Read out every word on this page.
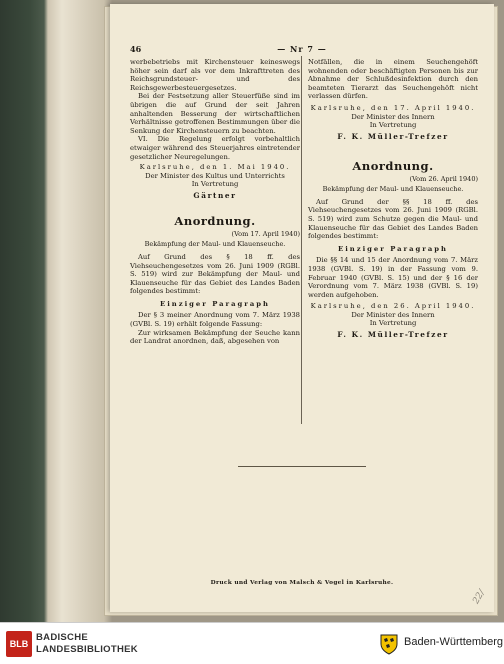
46	— Nr 7 —

werbebetriebs mit Kirchensteuer keineswegs höher sein darf als vor dem Inkrafttreten des Reichsgrundsteuer- und des Reichsgewerbesteuergesetzes.

Bei der Festsetzung aller Steuerfüße sind im übrigen die auf Grund der seit Jahren anhaltenden Besserung der wirtschaftlichen Verhältnisse getroffenen Bestimmungen über die Senkung der Kirchensteuern zu beachten.

VI. Die Regelung erfolgt vorbehaltlich etwaiger während des Steuerjahres eintretender gesetzlicher Neuregelungen.

Karlsruhe, den 1. Mai 1940.

Der Minister des Kultus und Unterrichts

In Vertretung

Gärtner
Anordnung.
(Vom 17. April 1940)
Bekämpfung der Maul- und Klauenseuche.

Auf Grund des § 18 ff. des Viehseuchengesetzes vom 26. Juni 1909 (RGBl. S. 519) wird zur Bekämpfung der Maul- und Klauenseuche für das Gebiet des Landes Baden folgendes bestimmt:

Einziger Paragraph

Der § 3 meiner Anordnung vom 7. März 1938 (GVBl. S. 19) erhält folgende Fassung:

Zur wirksamen Bekämpfung der Seuche kann der Landrat anordnen, daß, abgesehen von

Notfällen, die in einem Seuchengehöft wohnenden oder beschäftigten Personen bis zur Abnahme der Schlußdesinfektion durch den beamteten Tierarzt das Seuchengehöft nicht verlassen dürfen.

Karlsruhe, den 17. April 1940.

Der Minister des Innern

In Vertretung

F. K. Müller-Trefzer
Anordnung.
(Vom 26. April 1940)
Bekämpfung der Maul- und Klauenseuche.

Auf Grund der §§ 18 ff. des Viehseuchengesetzes vom 26. Juni 1909 (RGBl. S. 519) wird zum Schutze gegen die Maul- und Klauenseuche für das Gebiet des Landes Baden folgendes bestimmt:

Einziger Paragraph

Die §§ 14 und 15 der Anordnung vom 7. März 1938 (GVBl. S. 19) in der Fassung vom 9. Februar 1940 (GVBl. S. 15) und der § 16 der Verordnung vom 7. März 1938 (GVBl. S. 19) werden aufgehoben.

Karlsruhe, den 26. April 1940.

Der Minister des Innern

In Vertretung

F. K. Müller-Trefzer
Druck und Verlag von Malsch & Vogel in Karlsruhe.
22/
BLB
BADISCHE
LANDESBIBLIOTHEK
Baden-Württemberg
